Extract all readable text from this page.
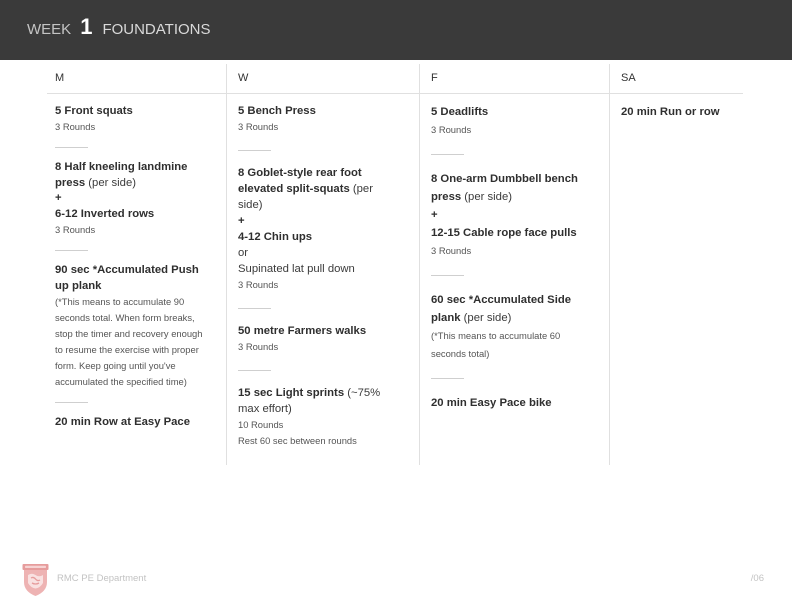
WEEK 1 FOUNDATIONS
M

5 Front squats

3 Rounds

8 Half kneeling landmine press (per side)

+

6-12 Inverted rows

3 Rounds

90 sec *Accumulated Push up plank

(*This means to accumulate 90 seconds total. When form breaks, stop the timer and recovery enough to resume the exercise with proper form. Keep going until you've accumulated the specified time)

20 min Row at Easy Pace

W

5 Bench Press

3 Rounds

8 Goblet-style rear foot elevated split-squats (per side)

+

4-12 Chin ups

or

Supinated lat pull down

3 Rounds

50 metre Farmers walks

3 Rounds

15 sec Light sprints (~75% max effort)

10 Rounds

Rest 60 sec between rounds

F

5 Deadlifts

3 Rounds

8 One-arm Dumbbell bench press (per side)

+

12-15 Cable rope face pulls

3 Rounds

60 sec *Accumulated Side plank (per side)

(*This means to accumulate 60 seconds total)

20 min Easy Pace bike

SA

20 min Run or row

RMC PE Department	/06
